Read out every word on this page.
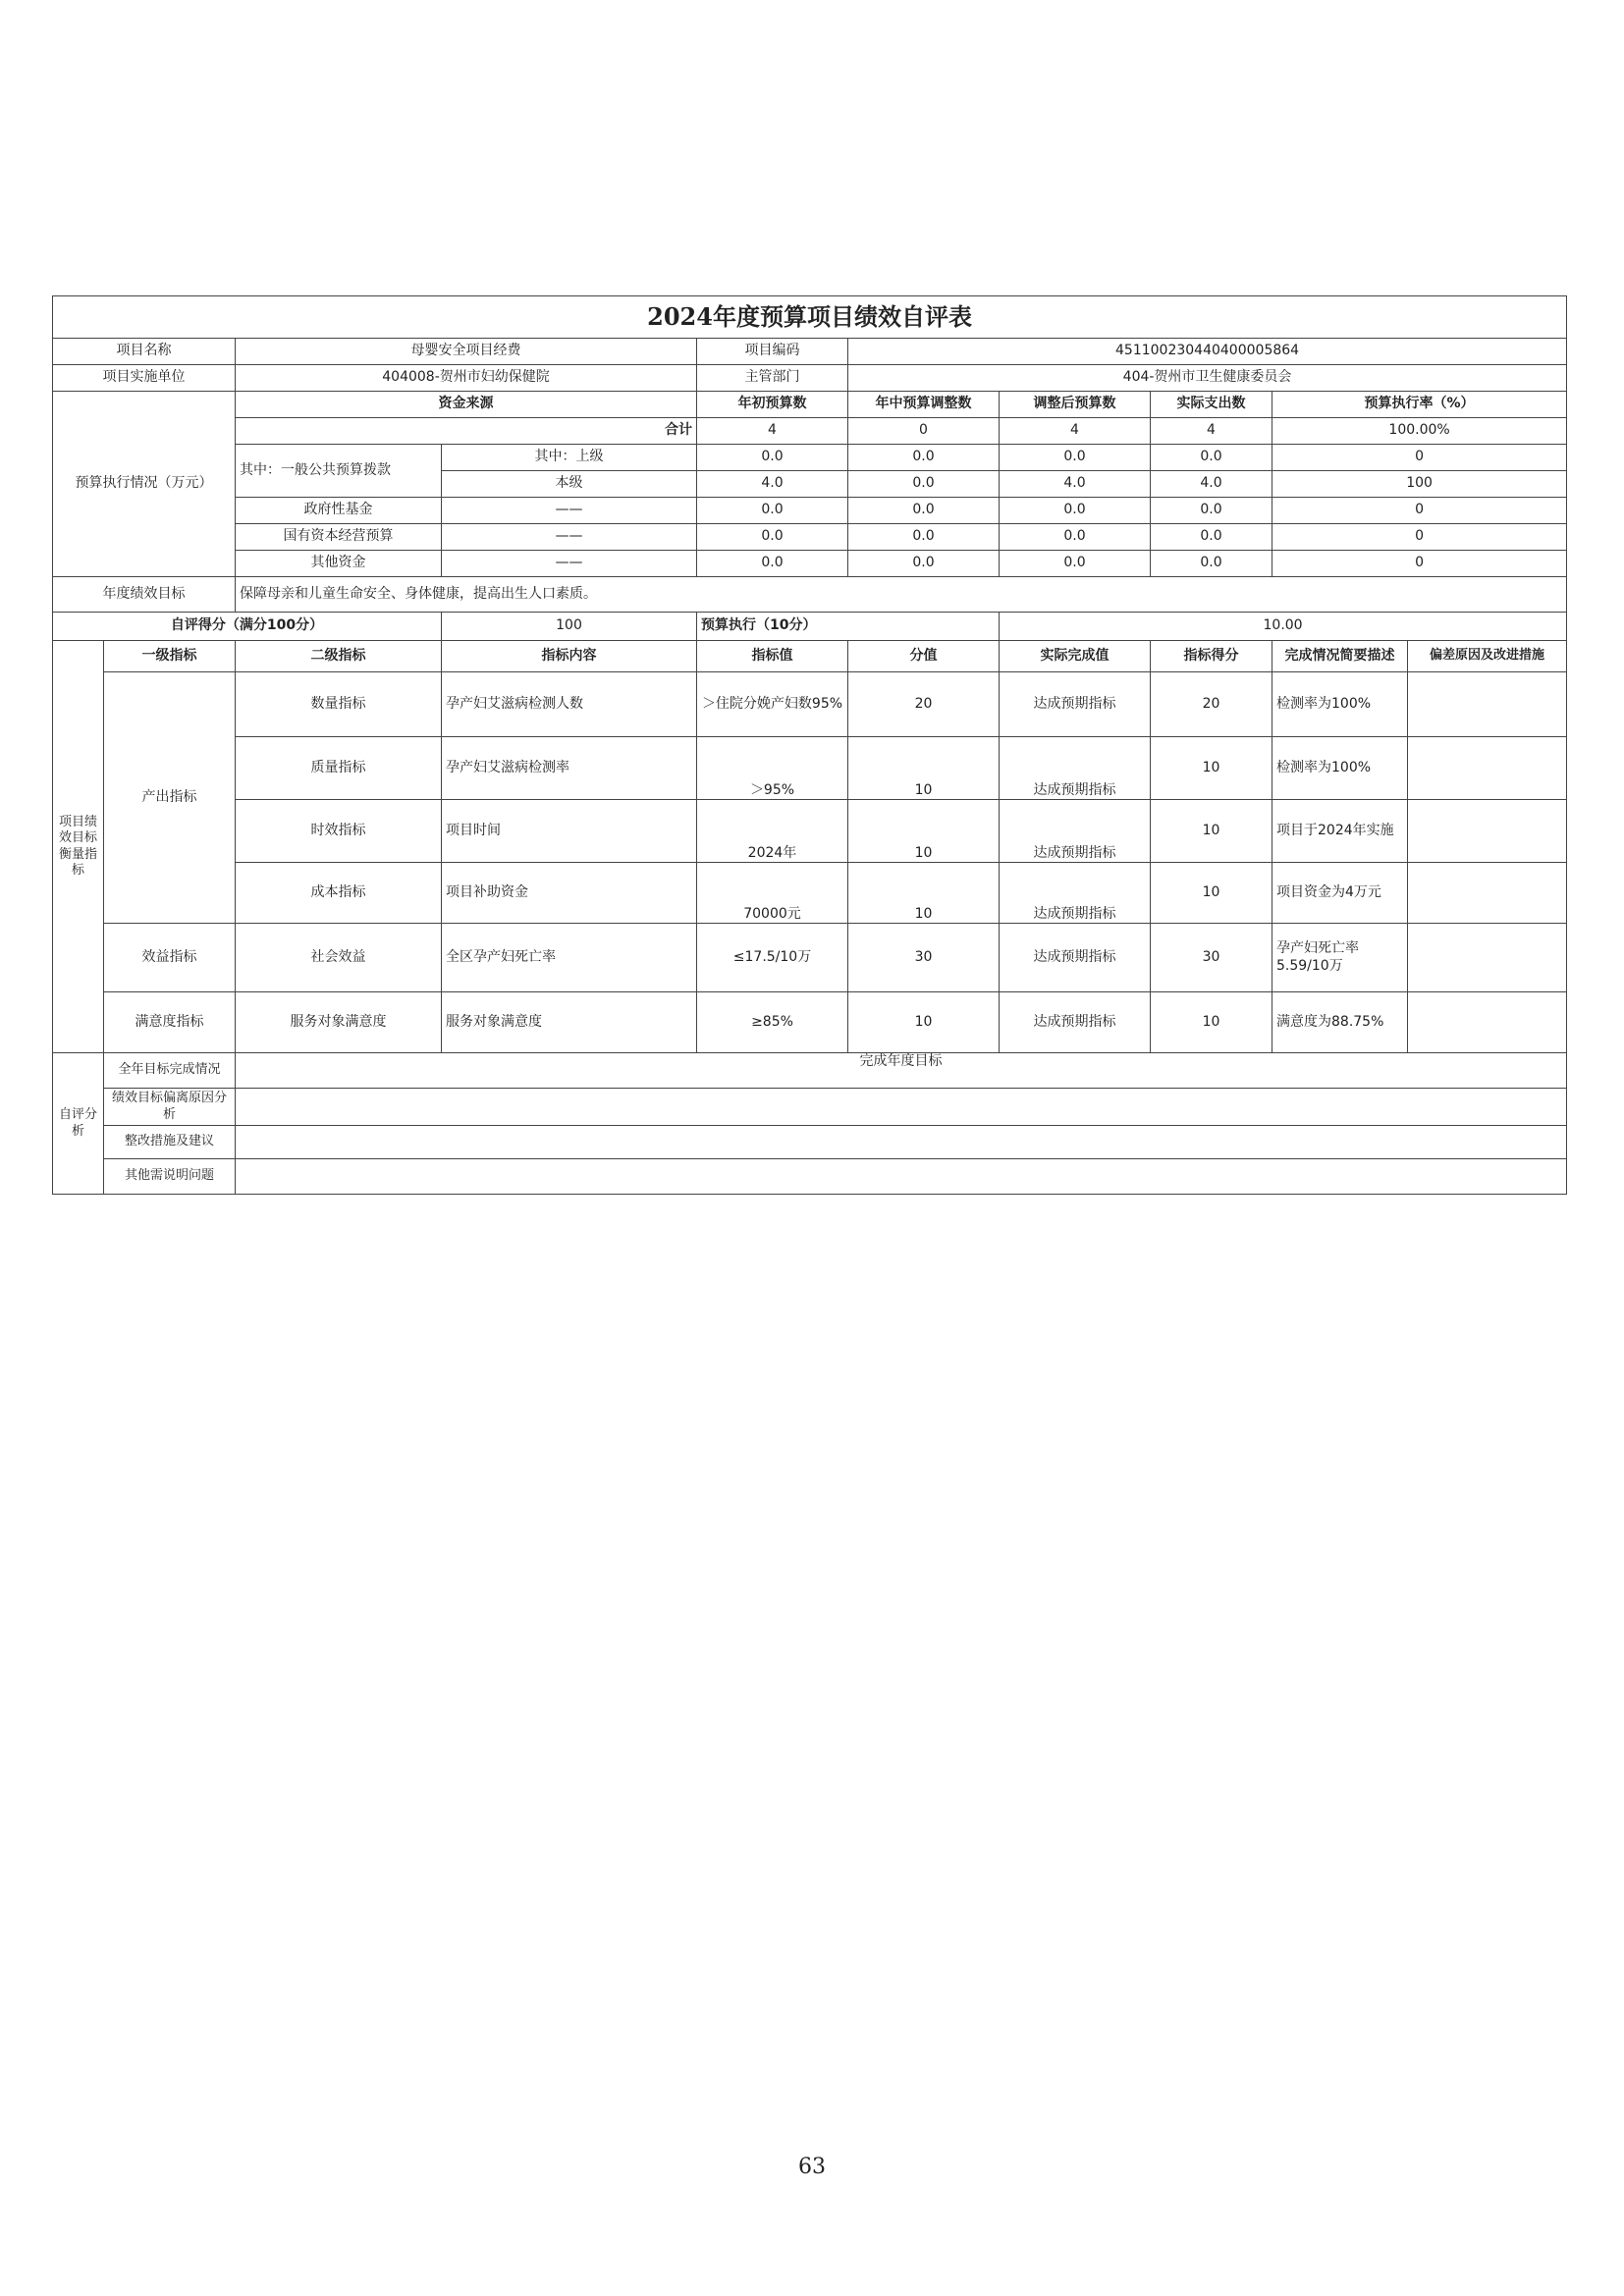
2024年度预算项目绩效自评表									
项目名称		母婴安全项目经费		项目编码	451100230440400005864				
项目实施单位		404008-贺州市妇幼保健院		主管部门	404-贺州市卫生健康委员会				
预算执行情况（万元）		资金来源		年初预算数	年中预算调整数	调整后预算数	实际支出数	预算执行率（%）	
		合计		4	0	4	4	100.00%	
		其中：一般公共预算拨款	其中：上级	0.0	0.0	0.0	0.0	0	
			本级	4.0	0.0	4.0	4.0	100	
		政府性基金	——	0.0	0.0	0.0	0.0	0	
		国有资本经营预算	——	0.0	0.0	0.0	0.0	0	
		其他资金	——	0.0	0.0	0.0	0.0	0	
年度绩效目标		保障母亲和儿童生命安全、身体健康，提高出生人口素质。							
自评得分（满分100分）			100	预算执行（10分）		10.00			
项目绩效目标衡量指标	一级指标	二级指标	指标内容	指标值	分值	实际完成值	指标得分	完成情况简要描述	偏差原因及改进措施
	产出指标	数量指标	孕产妇艾滋病检测人数	＞住院分娩产妇数95%	20	达成预期指标	20	检测率为100%	
		质量指标	孕产妇艾滋病检测率	＞95%	10	达成预期指标	10	检测率为100%	
		时效指标	项目时间	2024年	10	达成预期指标	10	项目于2024年实施	
		成本指标	项目补助资金	70000元	10	达成预期指标	10	项目资金为4万元	
	效益指标	社会效益	全区孕产妇死亡率	≤17.5/10万	30	达成预期指标	30	孕产妇死亡率5.59/10万	
	满意度指标	服务对象满意度	服务对象满意度	≥85%	10	达成预期指标	10	满意度为88.75%	
自评分析	全年目标完成情况	完成年度目标							
	绩效目标偏离原因分析								
	整改措施及建议								
	其他需说明问题								
63
